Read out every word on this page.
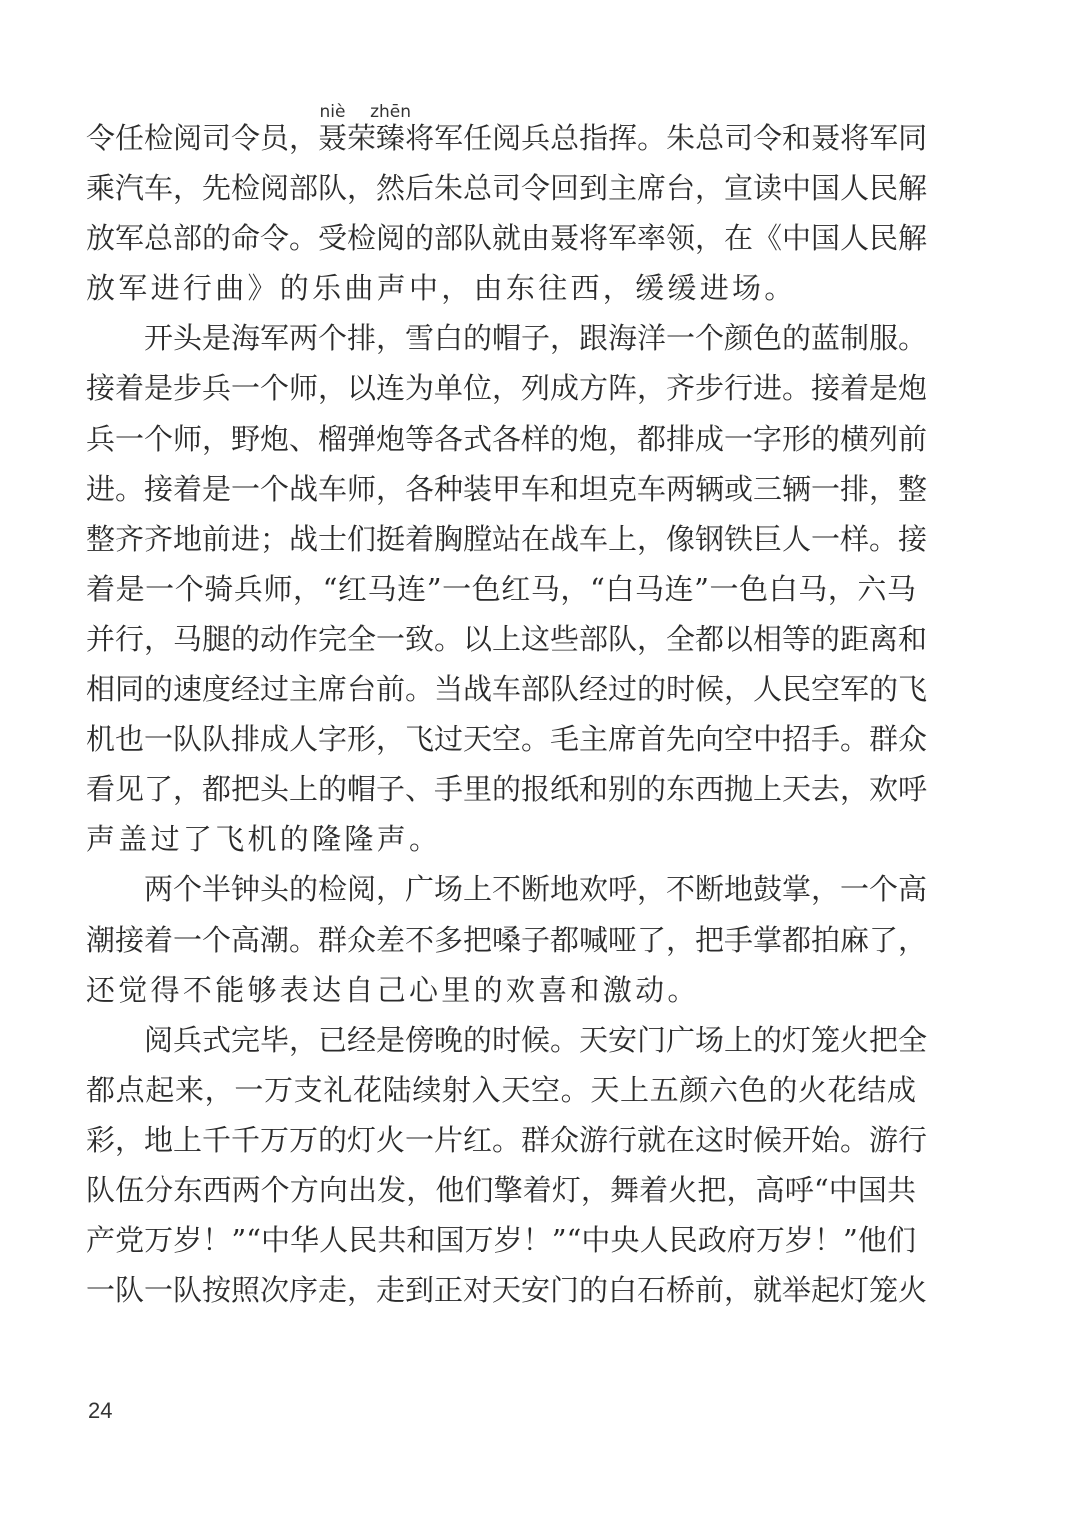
令任检阅司令员，
niè
聂荣
zhēn
臻将军任阅兵总指挥。朱总司令和聂将军同
乘汽车，先检阅部队，然后朱总司令回到主席台，宣读中国人民解
放军总部的命令。受检阅的部队就由聂将军率领，在《中国人民解
放军进行曲》的乐曲声中，由东往西，缓缓进场。
开头是海军两个排，雪白的帽子，跟海洋一个颜色的蓝制服。
接着是步兵一个师，以连为单位，列成方阵，齐步行进。接着是炮
兵一个师，野炮、榴弹炮等各式各样的炮，都排成一字形的横列前
进。接着是一个战车师，各种装甲车和坦克车两辆或三辆一排，整
整齐齐地前进；战士们挺着胸膛站在战车上，像钢铁巨人一样。接
着是一个骑兵师，“红马连”一色红马，“白马连”一色白马，六马
并行，马腿的动作完全一致。以上这些部队，全都以相等的距离和
相同的速度经过主席台前。当战车部队经过的时候，人民空军的飞
机也一队队排成人字形，飞过天空。毛主席首先向空中招手。群众
看见了，都把头上的帽子、手里的报纸和别的东西抛上天去，欢呼
声盖过了飞机的隆隆声。
两个半钟头的检阅，广场上不断地欢呼，不断地鼓掌，一个高
潮接着一个高潮。群众差不多把嗓子都喊哑了，把手掌都拍麻了，
还觉得不能够表达自己心里的欢喜和激动。
阅兵式完毕，已经是傍晚的时候。天安门广场上的灯笼火把全
都点起来，一万支礼花陆续射入天空。天上五颜六色的火花结成
彩，地上千千万万的灯火一片红。群众游行就在这时候开始。游行
队伍分东西两个方向出发，他们擎着灯，舞着火把，高呼“中国共
产党万岁！”“中华人民共和国万岁！”“中央人民政府万岁！”他们
一队一队按照次序走，走到正对天安门的白石桥前，就举起灯笼火
24
